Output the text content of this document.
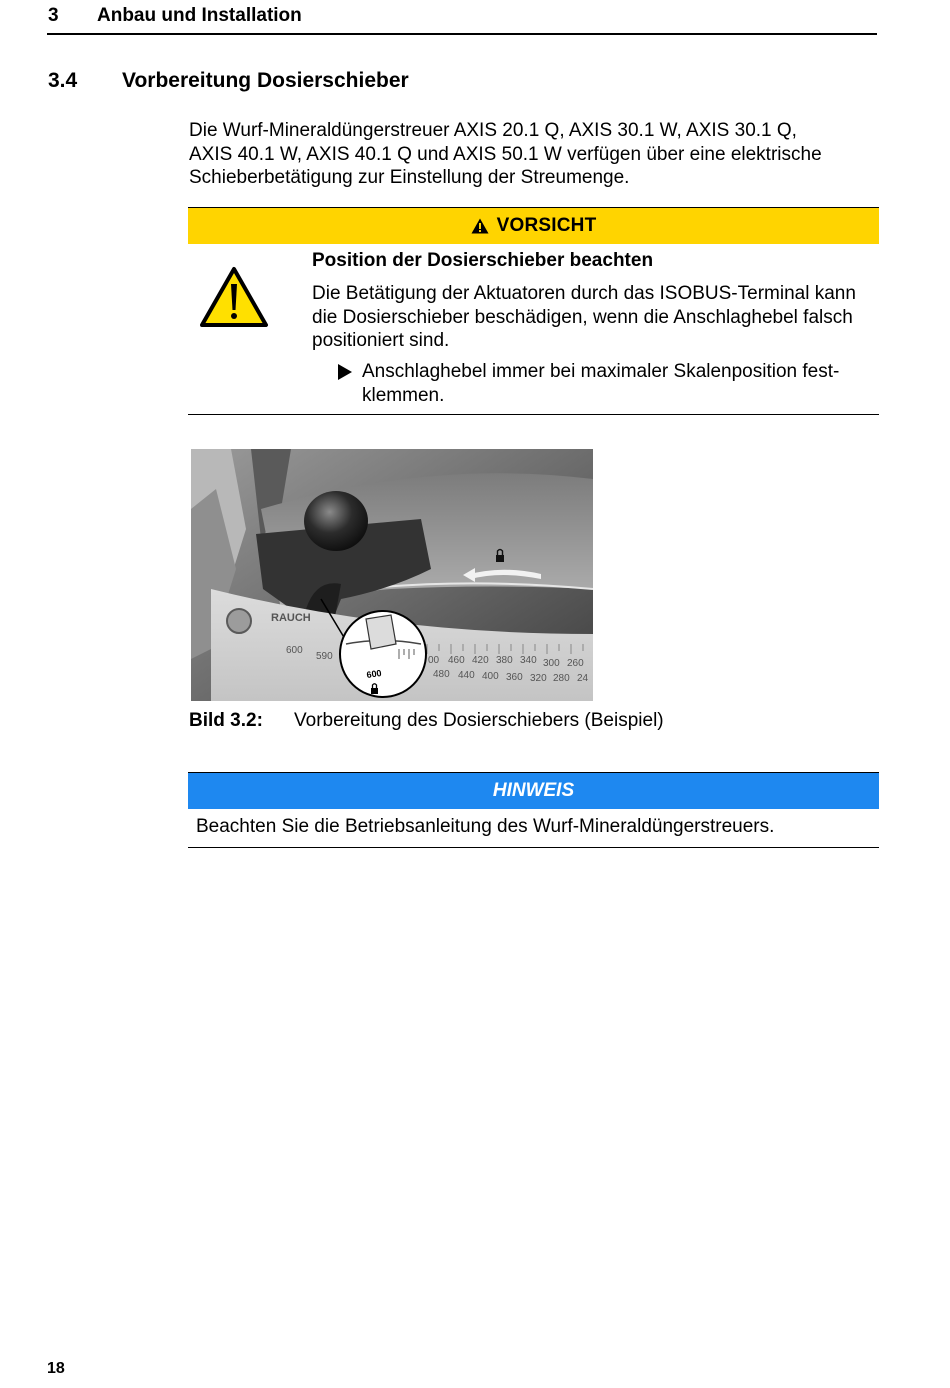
3 Anbau und Installation
3.4 Vorbereitung Dosierschieber
Die Wurf-Mineraldüngerstreuer AXIS 20.1 Q, AXIS 30.1 W, AXIS 30.1 Q,
AXIS 40.1 W, AXIS 40.1 Q und AXIS 50.1 W verfügen über eine elektrische
Schieberbetätigung zur Einstellung der Streumenge.
VORSICHT
Position der Dosierschieber beachten
Die Betätigung der Aktuatoren durch das ISOBUS-Terminal kann
die Dosierschieber beschädigen, wenn die Anschlaghebel falsch
positioniert sind.
Anschlaghebel immer bei maximaler Skalenposition fest-
klemmen.
RAUCH
600
590	00 460 420 380 340 300 260
480 440 400 360 320 280 24
600
Bild 3.2: Vorbereitung des Dosierschiebers (Beispiel)
HINWEIS
Beachten Sie die Betriebsanleitung des Wurf-Mineraldüngerstreuers.
18
